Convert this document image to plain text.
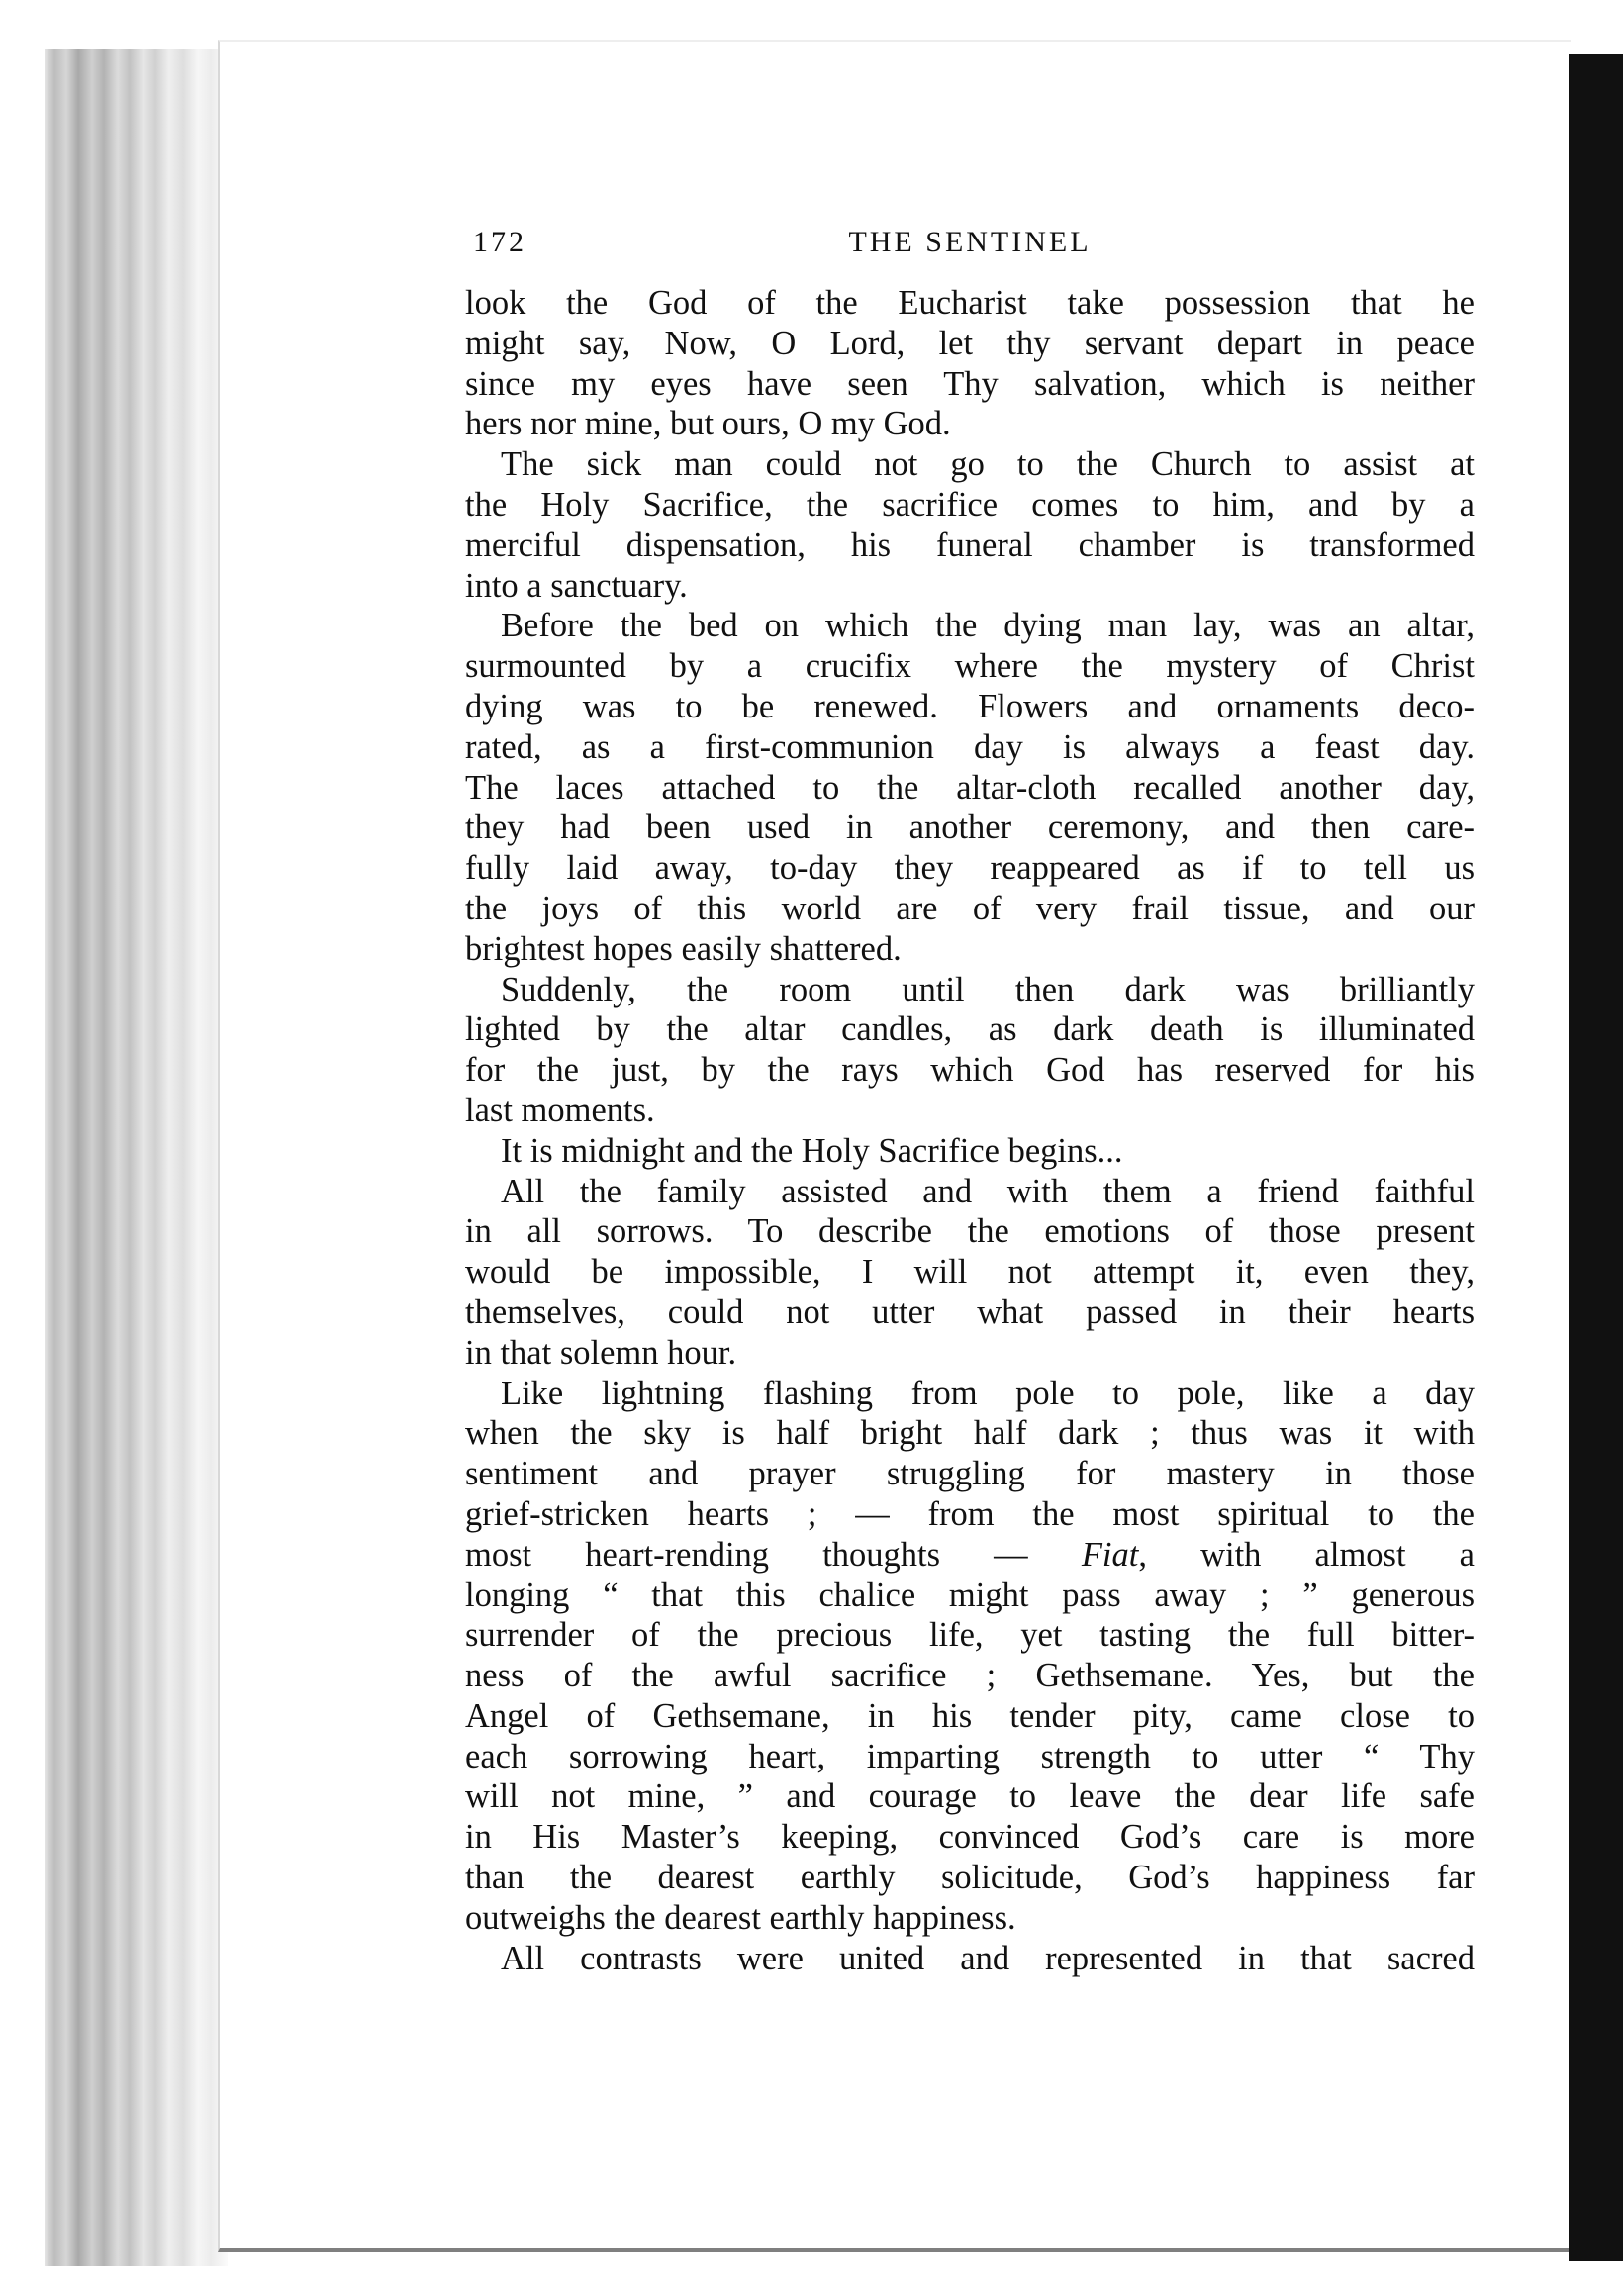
172	THE SENTINEL

look the God of the Eucharist take possession that he
might say, Now, O Lord, let thy servant depart in peace
since my eyes have seen Thy salvation, which is neither
hers nor mine, but ours, O my God.

The sick man could not go to the Church to assist at
the Holy Sacrifice, the sacrifice comes to him, and by a
merciful dispensation, his funeral chamber is transformed
into a sanctuary.

Before the bed on which the dying man lay, was an altar,
surmounted by a crucifix where the mystery of Christ
dying was to be renewed. Flowers and ornaments deco-
rated, as a first-communion day is always a feast day.
The laces attached to the altar-cloth recalled another day,
they had been used in another ceremony, and then care-
fully laid away, to-day they reappeared as if to tell us
the joys of this world are of very frail tissue, and our
brightest hopes easily shattered.

Suddenly, the room until then dark was brilliantly
lighted by the altar candles, as dark death is illuminated
for the just, by the rays which God has reserved for his
last moments.

It is midnight and the Holy Sacrifice begins...

All the family assisted and with them a friend faithful
in all sorrows. To describe the emotions of those present
would be impossible, I will not attempt it, even they,
themselves, could not utter what passed in their hearts
in that solemn hour.

Like lightning flashing from pole to pole, like a day
when the sky is half bright half dark ; thus was it with
sentiment and prayer struggling for mastery in those
grief-stricken hearts ; — from the most spiritual to the
most heart-rending thoughts — Fiat, with almost a
longing “ that this chalice might pass away ; ” generous
surrender of the precious life, yet tasting the full bitter-
ness of the awful sacrifice ; Gethsemane. Yes, but the
Angel of Gethsemane, in his tender pity, came close to
each sorrowing heart, imparting strength to utter “ Thy
will not mine, ” and courage to leave the dear life safe
in His Master’s keeping, convinced God’s care is more
than the dearest earthly solicitude, God’s happiness far
outweighs the dearest earthly happiness.

All contrasts were united and represented in that sacred
